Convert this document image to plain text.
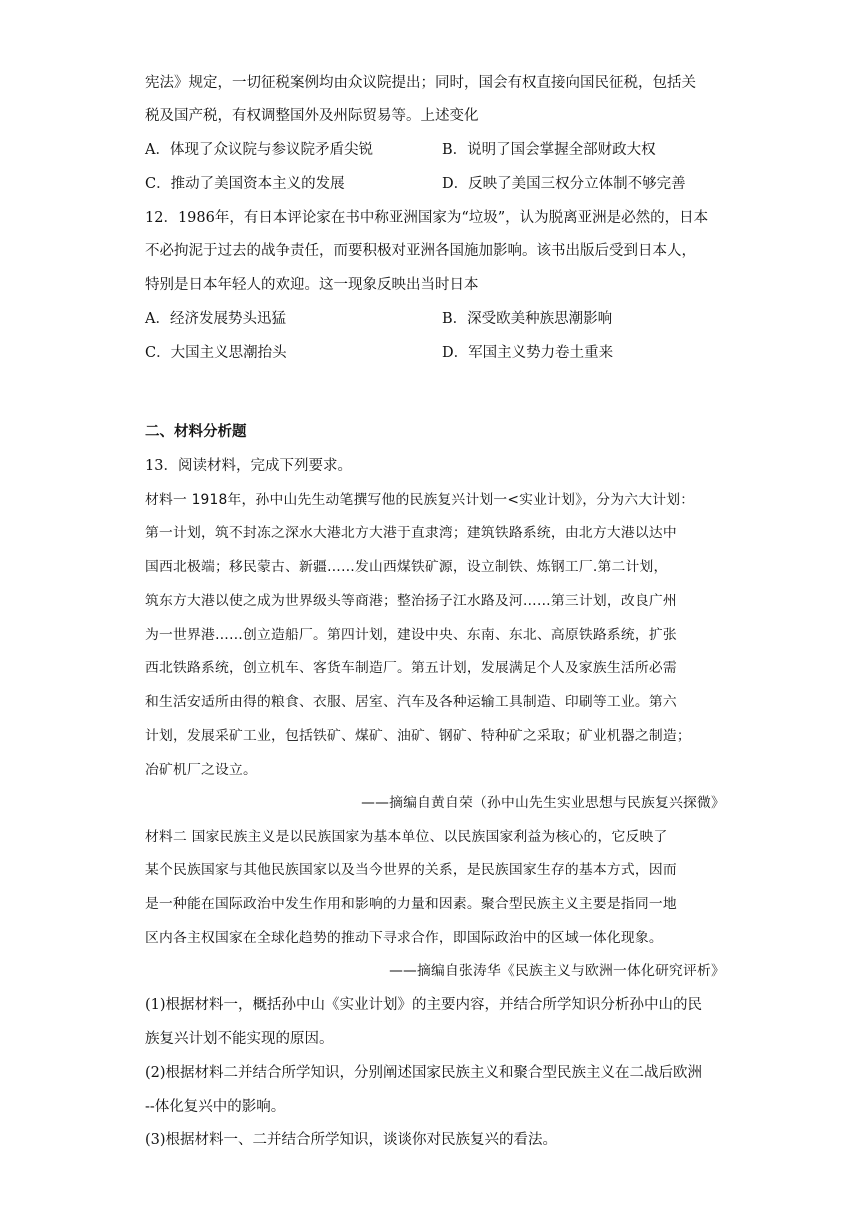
宪法》规定，一切征税案例均由众议院提出；同时，国会有权直接向国民征税，包括关
税及国产税，有权调整国外及州际贸易等。上述变化
A．体现了众议院与参议院矛盾尖锐	B．说明了国会掌握全部财政大权
C．推动了美国资本主义的发展	D．反映了美国三权分立体制不够完善
12．1986年，有日本评论家在书中称亚洲国家为“垃圾”，认为脱离亚洲是必然的，日本
不必拘泥于过去的战争责任，而要积极对亚洲各国施加影响。该书出版后受到日本人，
特别是日本年轻人的欢迎。这一现象反映出当时日本
A．经济发展势头迅猛	B．深受欧美种族思潮影响
C．大国主义思潮抬头	D．军国主义势力卷土重来
二、材料分析题
13．阅读材料，完成下列要求。
材料一 1918年，孙中山先生动笔撰写他的民族复兴计划一<实业计划》，分为六大计划：
第一计划，筑不封冻之深水大港北方大港于直隶湾；建筑铁路系统，由北方大港以达中
国西北极端；移民蒙古、新疆……发山西煤铁矿源，设立制铁、炼钢工厂.第二计划，
筑东方大港以使之成为世界级头等商港；整治扬子江水路及河……第三计划，改良广州
为一世界港……创立造船厂。第四计划，建设中央、东南、东北、高原铁路系统，扩张
西北铁路系统，创立机车、客货车制造厂。第五计划，发展满足个人及家族生活所必需
和生活安适所由得的粮食、衣服、居室、汽车及各种运输工具制造、印刷等工业。第六
计划，发展采矿工业，包括铁矿、煤矿、油矿、钢矿、特种矿之采取；矿业机器之制造；
冶矿机厂之设立。
——摘编自黄自荣（孙中山先生实业思想与民族复兴探微》
材料二 国家民族主义是以民族国家为基本单位、以民族国家利益为核心的，它反映了
某个民族国家与其他民族国家以及当今世界的关系，是民族国家生存的基本方式，因而
是一种能在国际政治中发生作用和影响的力量和因素。聚合型民族主义主要是指同一地
区内各主权国家在全球化趋势的推动下寻求合作，即国际政治中的区域一体化现象。
——摘编自张涛华《民族主义与欧洲一体化研究评析》
(1)根据材料一，概括孙中山《实业计划》的主要内容，并结合所学知识分析孙中山的民
族复兴计划不能实现的原因。
(2)根据材料二并结合所学知识，分别阐述国家民族主义和聚合型民族主义在二战后欧洲
--体化复兴中的影响。
(3)根据材料一、二并结合所学知识，谈谈你对民族复兴的看法。
